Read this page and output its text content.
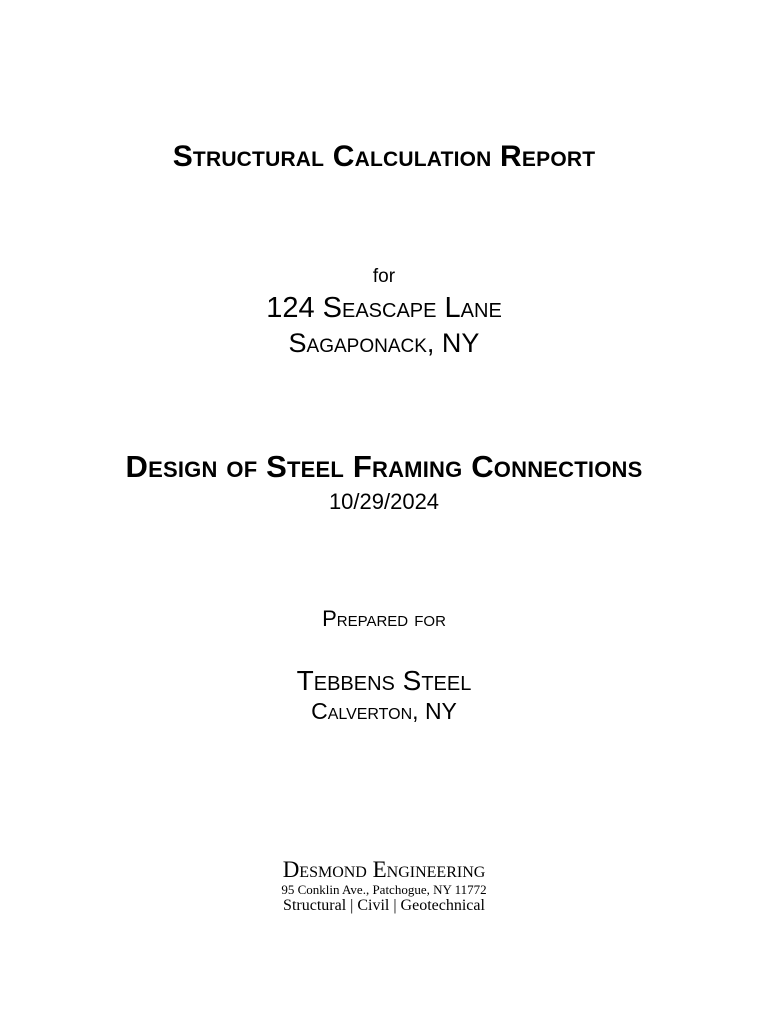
Structural Calculation Report
for
124 Seascape Lane
Sagaponack, NY
Design of Steel Framing Connections
10/29/2024
Prepared for
Tebbens Steel
Calverton, NY
Desmond Engineering
95 Conklin Ave., Patchogue, NY 11772
Structural | Civil | Geotechnical
